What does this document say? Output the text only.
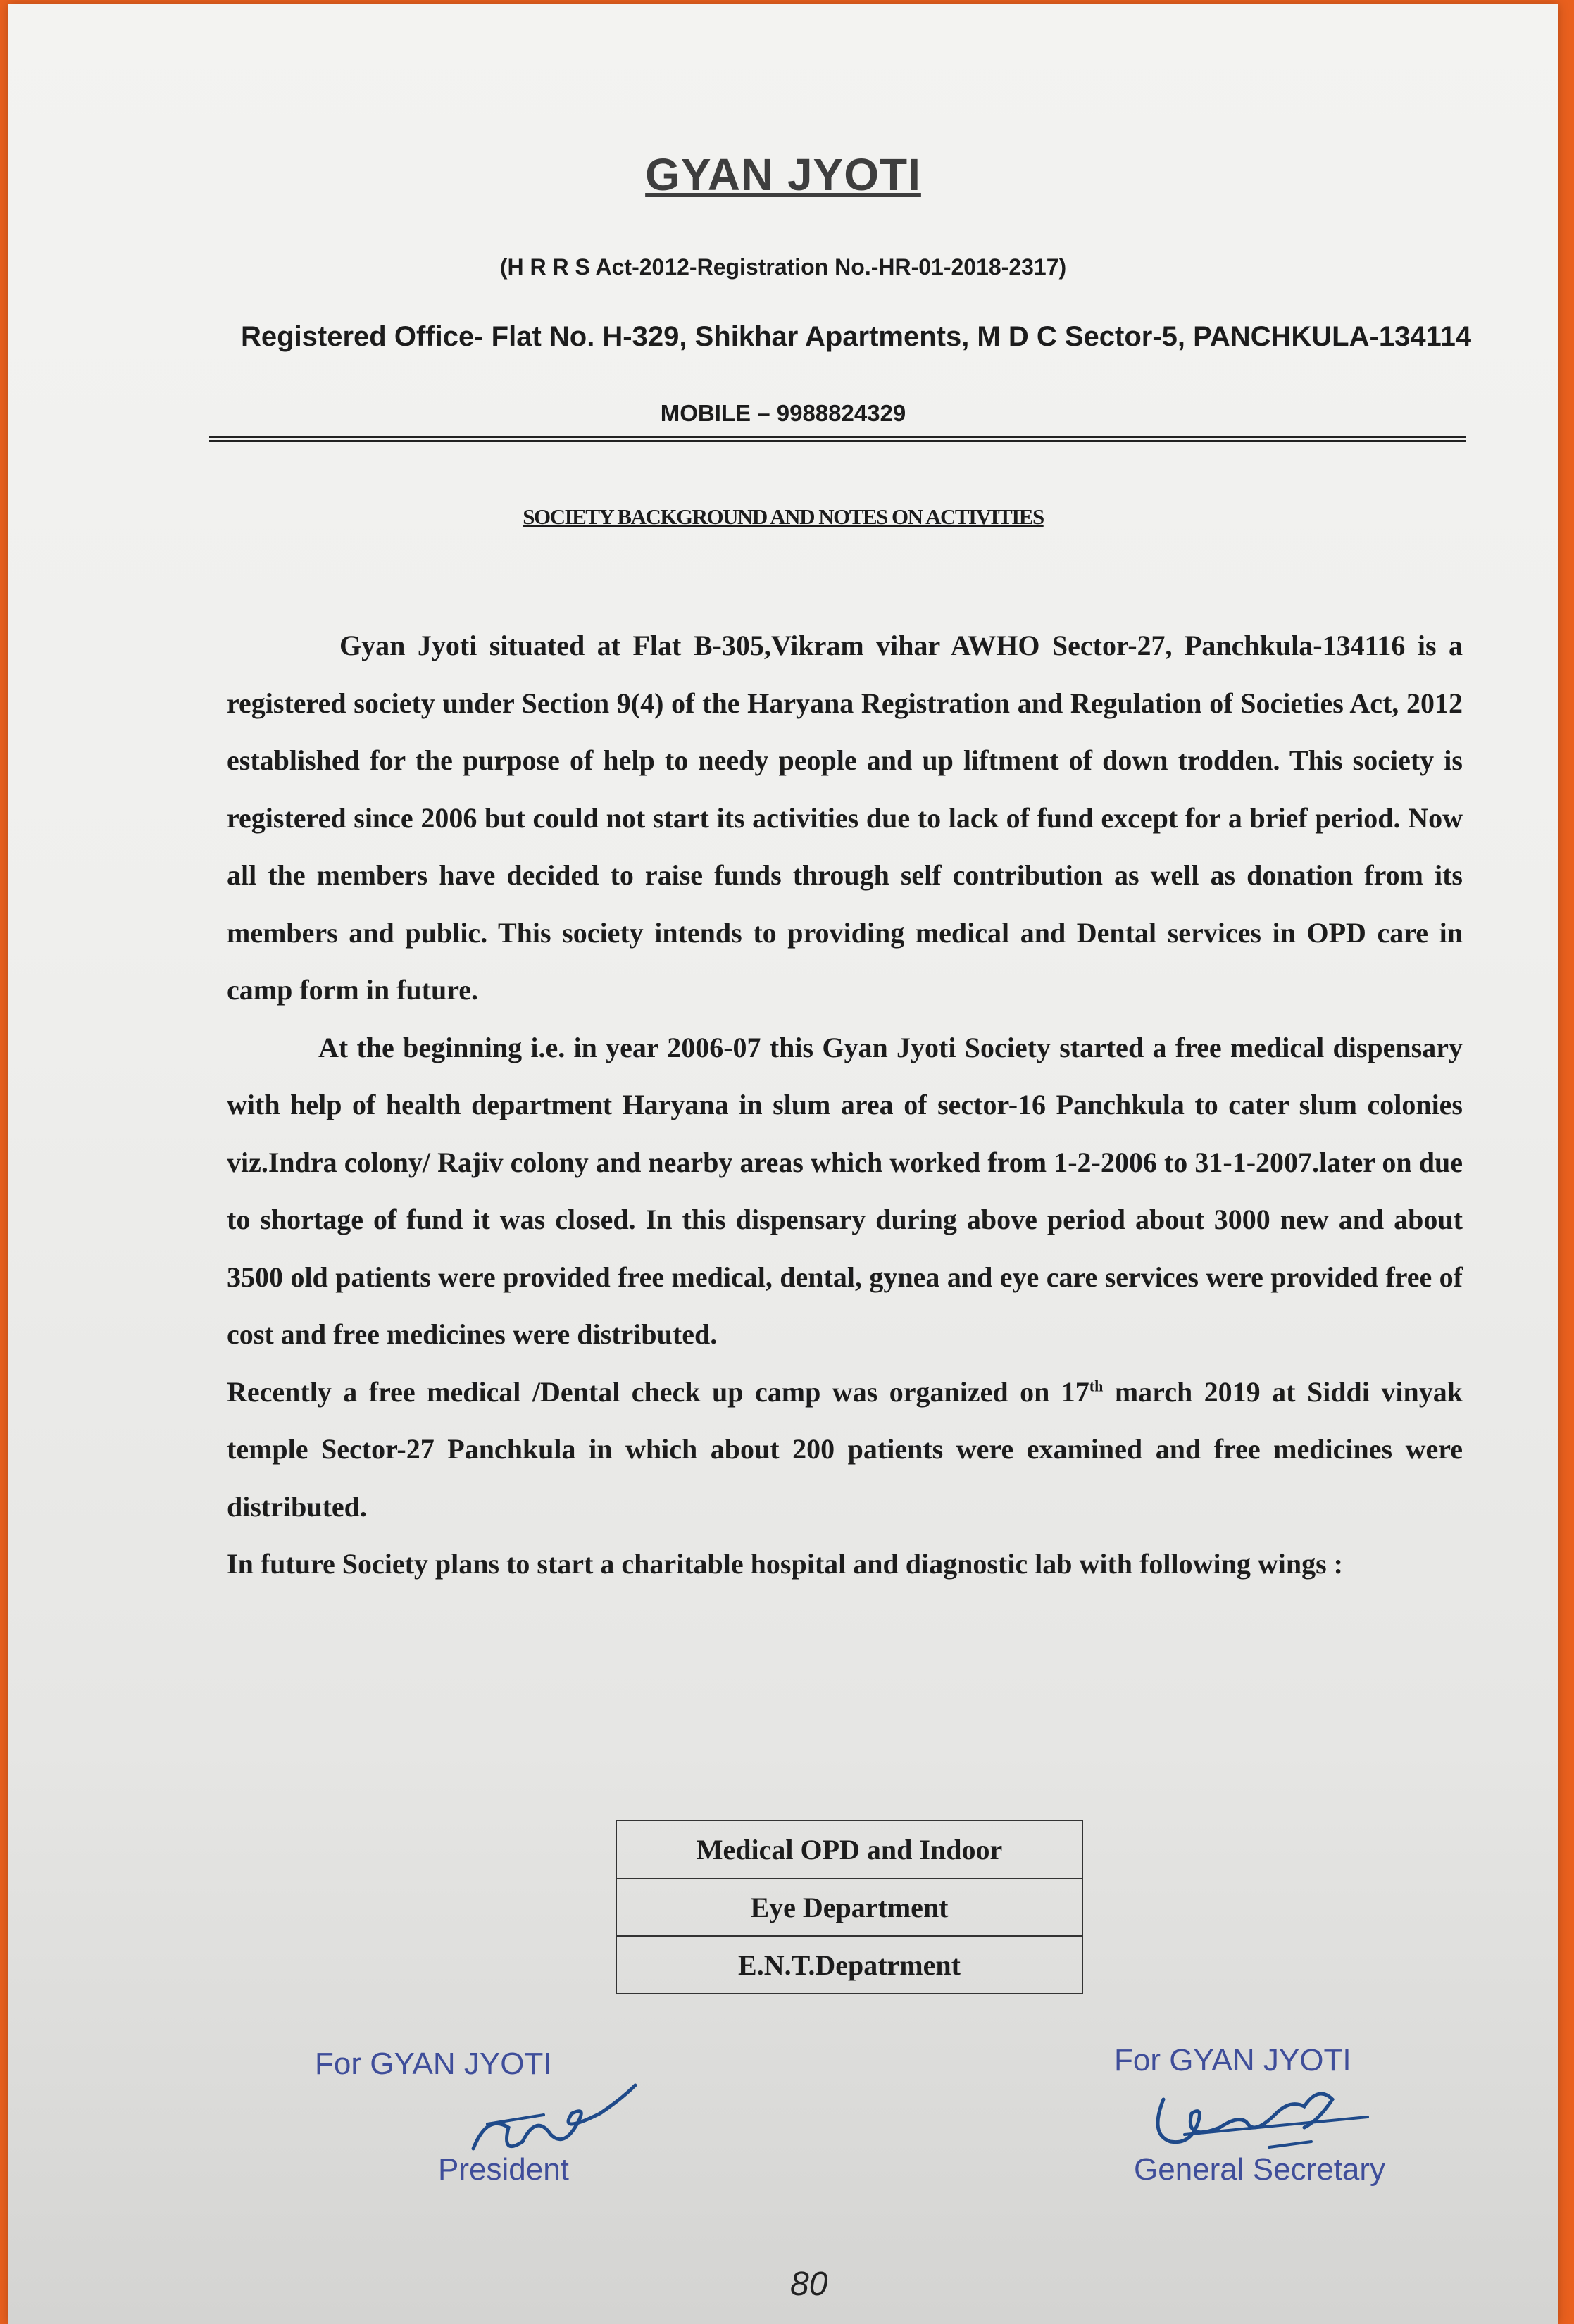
GYAN JYOTI
(H R R S Act-2012-Registration No.-HR-01-2018-2317)
Registered Office- Flat No. H-329, Shikhar Apartments, M D C Sector-5, PANCHKULA-134114
MOBILE – 9988824329
SOCIETY BACKGROUND AND NOTES ON ACTIVITIES

Gyan Jyoti situated at Flat B-305,Vikram vihar AWHO Sector-27, Panchkula-134116 is a registered society under Section 9(4) of the Haryana Registration and Regulation of Societies Act, 2012 established for the purpose of help to needy people and up liftment of down trodden. This society is registered since 2006 but could not start its activities due to lack of fund except for a brief period. Now all the members have decided to raise funds through self contribution as well as donation from its members and public. This society intends to providing medical and Dental services in OPD care in camp form in future.

At the beginning i.e. in year 2006-07 this Gyan Jyoti Society started a free medical dispensary with help of health department Haryana in slum area of sector-16 Panchkula to cater slum colonies viz.Indra colony/ Rajiv colony and nearby areas which worked from 1-2-2006 to 31-1-2007.later on due to shortage of fund it was closed. In this dispensary during above period about 3000 new and about 3500 old patients were provided free medical, dental, gynea and eye care services were provided free of cost and free medicines were distributed.

Recently a free medical /Dental check up camp was organized on 17th march 2019 at Siddi vinyak temple Sector-27 Panchkula in which about 200 patients were examined and free medicines were distributed.

In future Society plans to start a charitable hospital and diagnostic lab with following wings :

Medical OPD and Indoor
Eye Department
E.N.T.Depatrment
For GYAN JYOTI
President
For GYAN JYOTI
General Secretary
80
